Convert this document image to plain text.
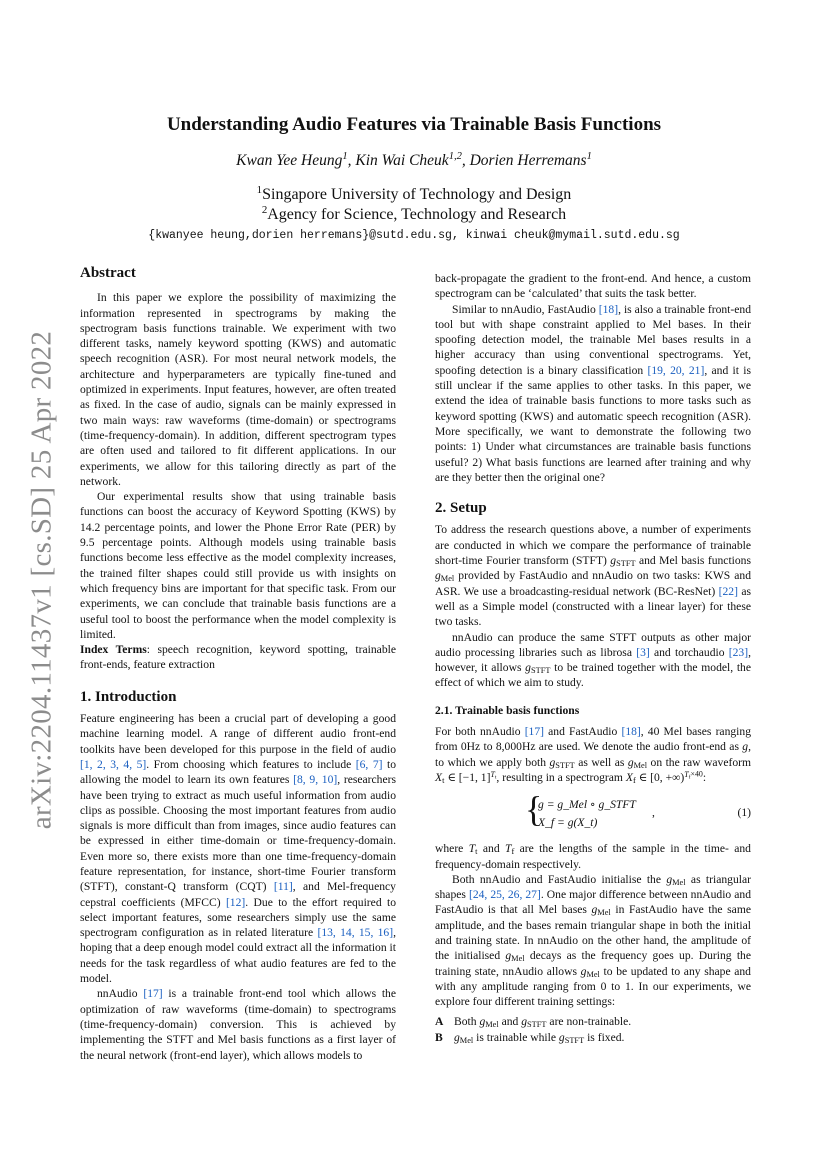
arXiv:2204.11437v1 [cs.SD] 25 Apr 2022
Understanding Audio Features via Trainable Basis Functions
Kwan Yee Heung$^1$, Kin Wai Cheuk$^{1,2}$, Dorien Herremans$^1$
$^1$Singapore University of Technology and Design
$^2$Agency for Science, Technology and Research
{kwanyee heung,dorien herremans}@sutd.edu.sg, kinwai cheuk@mymail.sutd.edu.sg

Abstract

In this paper we explore the possibility of maximizing the information represented in spectrograms by making the spectrogram basis functions trainable. We experiment with two different tasks, namely keyword spotting (KWS) and automatic speech recognition (ASR). For most neural network models, the architecture and hyperparameters are typically fine-tuned and optimized in experiments. Input features, however, are often treated as fixed. In the case of audio, signals can be mainly expressed in two main ways: raw waveforms (time-domain) or spectrograms (time-frequency-domain). In addition, different spectrogram types are often used and tailored to fit different applications. In our experiments, we allow for this tailoring directly as part of the network.

Our experimental results show that using trainable basis functions can boost the accuracy of Keyword Spotting (KWS) by 14.2 percentage points, and lower the Phone Error Rate (PER) by 9.5 percentage points. Although models using trainable basis functions become less effective as the model complexity increases, the trained filter shapes could still provide us with insights on which frequency bins are important for that specific task. From our experiments, we can conclude that trainable basis functions are a useful tool to boost the performance when the model complexity is limited.

Index Terms: speech recognition, keyword spotting, trainable front-ends, feature extraction

1. Introduction

Feature engineering has been a crucial part of developing a good machine learning model. A range of different audio front-end toolkits have been developed for this purpose in the field of audio [1, 2, 3, 4, 5]. From choosing which features to include [6, 7] to allowing the model to learn its own features [8, 9, 10], researchers have been trying to extract as much useful information from audio clips as possible. Choosing the most important features from audio signals is more difficult than from images, since audio features can be expressed in either time-domain or time-frequency-domain. Even more so, there exists more than one time-frequency-domain feature representation, for instance, short-time Fourier transform (STFT), constant-Q transform (CQT) [11], and Mel-frequency cepstral coefficients (MFCC) [12]. Due to the effort required to select important features, some researchers simply use the same spectrogram configuration as in related literature [13, 14, 15, 16], hoping that a deep enough model could extract all the information it needs for the task regardless of what audio features are fed to the model.

nnAudio [17] is a trainable front-end tool which allows the optimization of raw waveforms (time-domain) to spectrograms (time-frequency-domain) conversion. This is achieved by implementing the STFT and Mel basis functions as a first layer of the neural network (front-end layer), which allows models to

back-propagate the gradient to the front-end. And hence, a custom spectrogram can be ‘calculated’ that suits the task better.

Similar to nnAudio, FastAudio [18], is also a trainable front-end tool but with shape constraint applied to Mel bases. In their spoofing detection model, the trainable Mel bases results in a higher accuracy than using conventional spectrograms. Yet, spoofing detection is a binary classification [19, 20, 21], and it is still unclear if the same applies to other tasks. In this paper, we extend the idea of trainable basis functions to more tasks such as keyword spotting (KWS) and automatic speech recognition (ASR). More specifically, we want to demonstrate the following two points: 1) Under what circumstances are trainable basis functions useful? 2) What basis functions are learned after training and why are they better then the original one?

2. Setup

To address the research questions above, a number of experiments are conducted in which we compare the performance of trainable short-time Fourier transform (STFT) $g_{STFT}$ and Mel basis functions $g_{Mel}$ provided by FastAudio and nnAudio on two tasks: KWS and ASR. We use a broadcasting-residual network (BC-ResNet) [22] as well as a Simple model (constructed with a linear layer) for these two tasks.

nnAudio can produce the same STFT outputs as other major audio processing libraries such as librosa [3] and torchaudio [23], however, it allows $g_{STFT}$ to be trained together with the model, the effect of which we aim to study.

2.1. Trainable basis functions

For both nnAudio [17] and FastAudio [18], 40 Mel bases ranging from 0Hz to 8,000Hz are used. We denote the audio front-end as g, to which we apply both $g_{STFT}$ as well as $g_{Mel}$ on the raw waveform $X_t$ ∈ [−1, 1]$^{T_t}$, resulting in a spectrogram $X_f$ ∈ [0, +∞)$^{T_f\times 40}$:

{
g = g_Mel ∘ g_STFT
X_f = g(X_t)
,	(1)

where $T_t$ and $T_f$ are the lengths of the sample in the time- and frequency-domain respectively.

Both nnAudio and FastAudio initialise the $g_{Mel}$ as triangular shapes [24, 25, 26, 27]. One major difference between nnAudio and FastAudio is that all Mel bases $g_{Mel}$ in FastAudio have the same amplitude, and the bases remain triangular shape in both the initial and training state. In nnAudio on the other hand, the amplitude of the initialised $g_{Mel}$ decays as the frequency goes up. During the training state, nnAudio allows $g_{Mel}$ to be updated to any shape and with any amplitude ranging from 0 to 1. In our experiments, we explore four different training settings:

A Both $g_{Mel}$ and $g_{STFT}$ are non-trainable.

B $g_{Mel}$ is trainable while $g_{STFT}$ is fixed.
